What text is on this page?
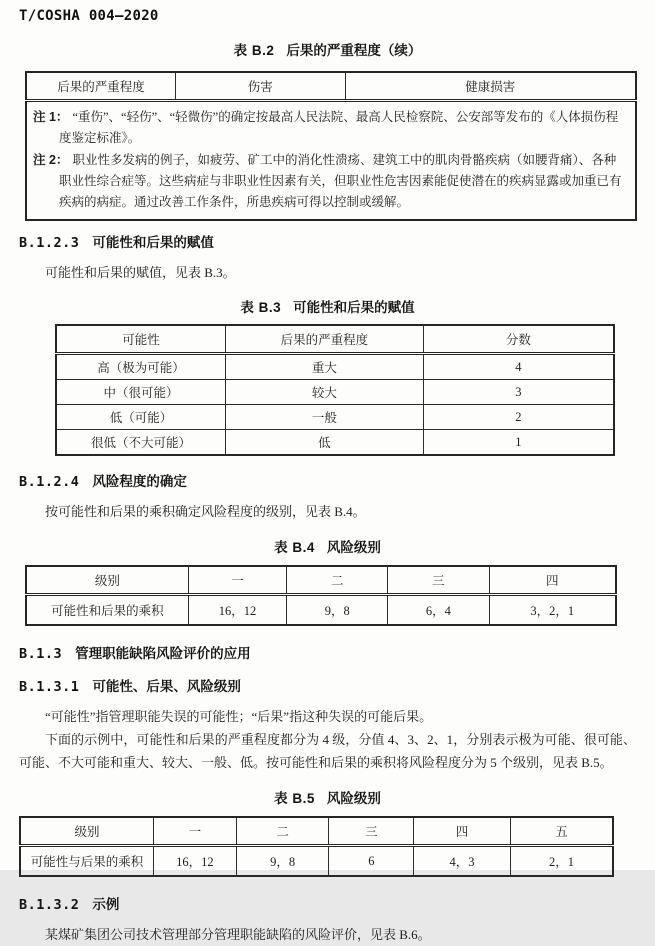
T/COSHA 004—2020
表 B.2 后果的严重程度（续）
后果的严重程度	伤害	健康损害

注 1： “重伤”、“轻伤”、“轻微伤”的确定按最高人民法院、最高人民检察院、公安部等发布的《人体损伤程度鉴定标准》。
注 2： 职业性多发病的例子，如疲劳、矿工中的消化性溃疡、建筑工中的肌肉骨骼疾病（如腰背痛）、各种职业性综合症等。这些病症与非职业性因素有关，但职业性危害因素能促使潜在的疾病显露或加重已有疾病的病症。通过改善工作条件，所患疾病可得以控制或缓解。
B.1.2.3 可能性和后果的赋值

可能性和后果的赋值，见表 B.3。

表 B.3 可能性和后果的赋值
可能性	后果的严重程度	分数
高（极为可能）	重大	4
中（很可能）	较大	3
低（可能）	一般	2
很低（不大可能）	低	1
B.1.2.4 风险程度的确定

按可能性和后果的乘积确定风险程度的级别，见表 B.4。

表 B.4 风险级别
级别	一	二	三	四
可能性和后果的乘积	16，12	9，8	6，4	3，2，1
B.1.3 管理职能缺陷风险评价的应用
B.1.3.1 可能性、后果、风险级别

“可能性”指管理职能失误的可能性；“后果”指这种失误的可能后果。

下面的示例中，可能性和后果的严重程度都分为 4 级，分值 4、3、2、1，分别表示极为可能、很可能、可能、不大可能和重大、较大、一般、低。按可能性和后果的乘积将风险程度分为 5 个级别，见表 B.5。

表 B.5 风险级别
级别	一	二	三	四	五
可能性与后果的乘积	16，12	9，8	6	4，3	2，1
B.1.3.2 示例

某煤矿集团公司技术管理部分管理职能缺陷的风险评价，见表 B.6。
